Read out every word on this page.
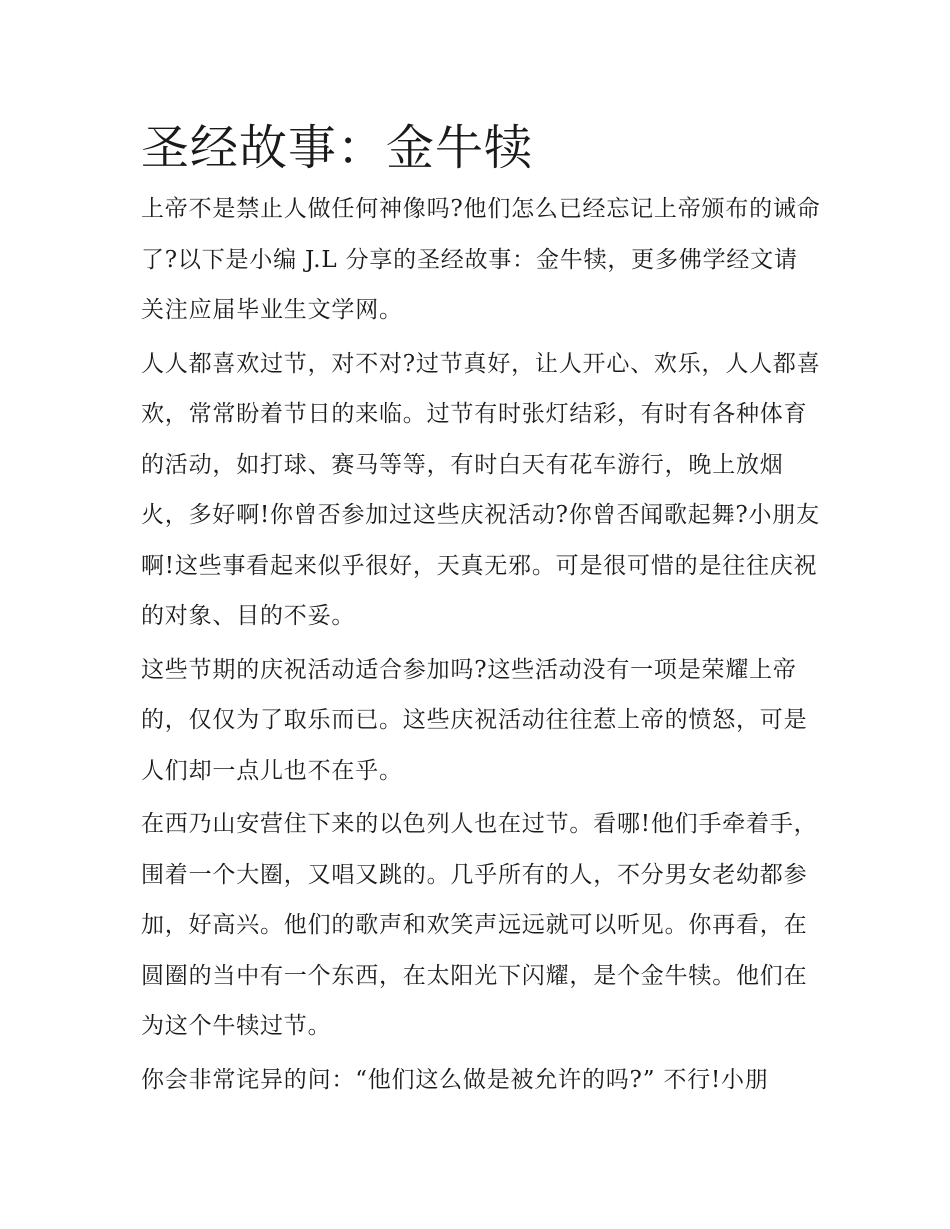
圣经故事：金牛犊

上帝不是禁止人做任何神像吗?他们怎么已经忘记上帝颁布的诫命了?以下是小编 J.L 分享的圣经故事：金牛犊，更多佛学经文请关注应届毕业生文学网。

人人都喜欢过节，对不对?过节真好，让人开心、欢乐，人人都喜欢，常常盼着节日的来临。过节有时张灯结彩，有时有各种体育的活动，如打球、赛马等等，有时白天有花车游行，晚上放烟火，多好啊!你曾否参加过这些庆祝活动?你曾否闻歌起舞?小朋友啊!这些事看起来似乎很好，天真无邪。可是很可惜的是往往庆祝的对象、目的不妥。

这些节期的庆祝活动适合参加吗?这些活动没有一项是荣耀上帝的，仅仅为了取乐而已。这些庆祝活动往往惹上帝的愤怒，可是人们却一点儿也不在乎。

在西乃山安营住下来的以色列人也在过节。看哪!他们手牵着手，围着一个大圈，又唱又跳的。几乎所有的人，不分男女老幼都参加，好高兴。他们的歌声和欢笑声远远就可以听见。你再看，在圆圈的当中有一个东西，在太阳光下闪耀，是个金牛犊。他们在为这个牛犊过节。

你会非常诧异的问：“他们这么做是被允许的吗?” 不行!小朋
